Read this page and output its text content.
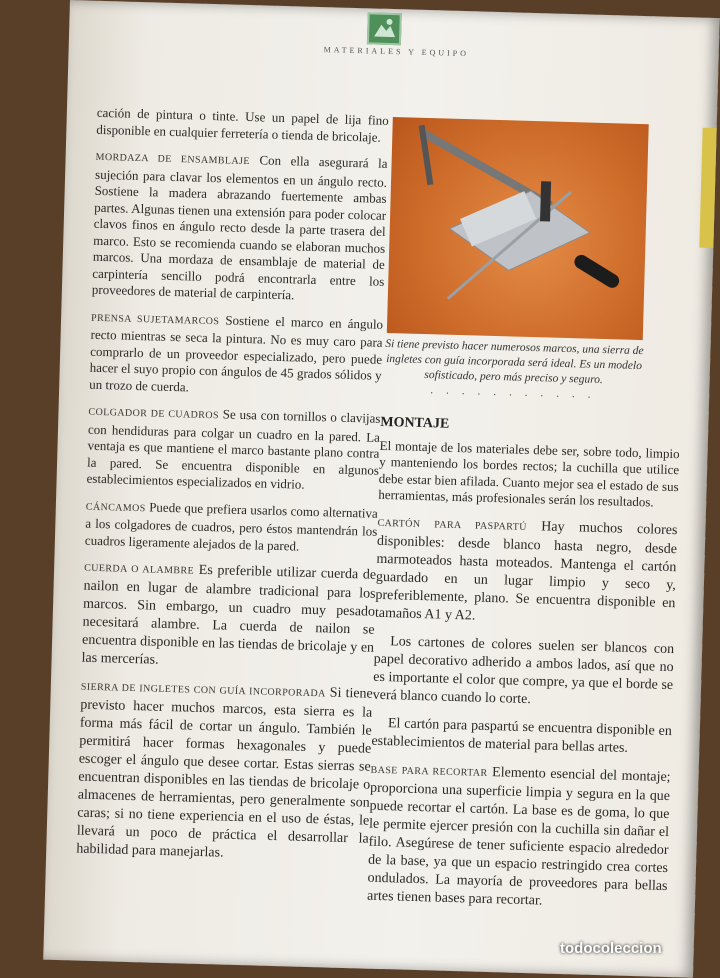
MATERIALES Y EQUIPO

cación de pintura o tinte. Use un papel de lija fino disponible en cualquier ferretería o tienda de bricolaje.

MORDAZA DE ENSAMBLAJE Con ella asegurará la sujeción para clavar los elementos en un ángulo recto. Sostiene la madera abrazando fuertemente ambas partes. Algunas tienen una extensión para poder colocar clavos finos en ángulo recto desde la parte trasera del marco. Esto se recomienda cuando se elaboran muchos marcos. Una mordaza de ensamblaje de material de carpintería sencillo podrá encontrarla entre los proveedores de material de carpintería.

PRENSA SUJETAMARCOS Sostiene el marco en ángulo recto mientras se seca la pintura. No es muy caro para comprarlo de un proveedor especializado, pero puede hacer el suyo propio con ángulos de 45 grados sólidos y un trozo de cuerda.

COLGADOR DE CUADROS Se usa con tornillos o clavijas con hendiduras para colgar un cuadro en la pared. La ventaja es que mantiene el marco bastante plano contra la pared. Se encuentra disponible en algunos establecimientos especializados en vidrio.

CÁNCAMOS Puede que prefiera usarlos como alternativa a los colgadores de cuadros, pero éstos mantendrán los cuadros ligeramente alejados de la pared.

CUERDA O ALAMBRE Es preferible utilizar cuerda de nailon en lugar de alambre tradicional para los marcos. Sin embargo, un cuadro muy pesado necesitará alambre. La cuerda de nailon se encuentra disponible en las tiendas de bricolaje y en las mercerías.

SIERRA DE INGLETES CON GUÍA INCORPORADA Si tiene previsto hacer muchos marcos, esta sierra es la forma más fácil de cortar un ángulo. También le permitirá hacer formas hexagonales y puede escoger el ángulo que desee cortar. Estas sierras se encuentran disponibles en las tiendas de bricolaje o almacenes de herramientas, pero generalmente son caras; si no tiene experiencia en el uso de éstas, le llevará un poco de práctica el desarrollar la habilidad para manejarlas.

Si tiene previsto hacer numerosos marcos, una sierra de ingletes con guía incorporada será ideal. Es un modelo sofisticado, pero más preciso y seguro.
. . . . . . . . . . .
MONTAJE

El montaje de los materiales debe ser, sobre todo, limpio y manteniendo los bordes rectos; la cuchilla que utilice debe estar bien afilada. Cuanto mejor sea el estado de sus herramientas, más profesionales serán los resultados.

CARTÓN PARA PASPARTÚ Hay muchos colores disponibles: desde blanco hasta negro, desde marmoteados hasta moteados. Mantenga el cartón guardado en un lugar limpio y seco y, preferiblemente, plano. Se encuentra disponible en tamaños A1 y A2.

Los cartones de colores suelen ser blancos con papel decorativo adherido a ambos lados, así que no es importante el color que compre, ya que el borde se verá blanco cuando lo corte.

El cartón para paspartú se encuentra disponible en establecimientos de material para bellas artes.

BASE PARA RECORTAR Elemento esencial del montaje; proporciona una superficie limpia y segura en la que puede recortar el cartón. La base es de goma, lo que le permite ejercer presión con la cuchilla sin dañar el filo. Asegúrese de tener suficiente espacio alrededor de la base, ya que un espacio restringido crea cortes ondulados. La mayoría de proveedores para bellas artes tienen bases para recortar.

todocoleccion
